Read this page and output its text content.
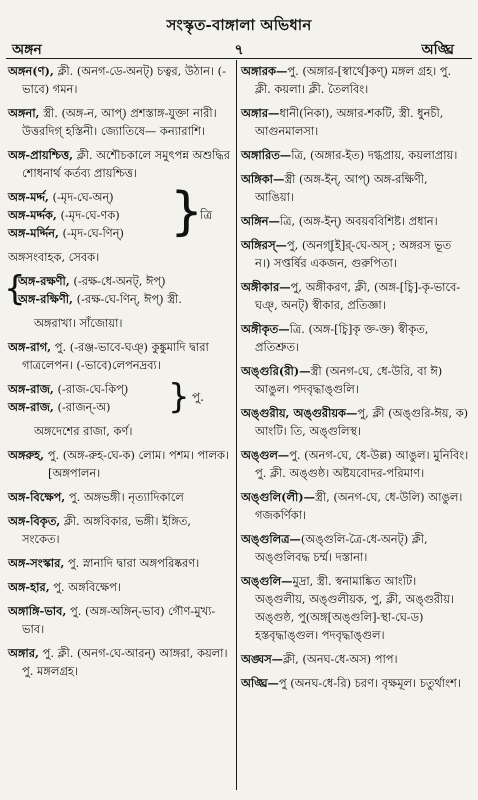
সংস্কৃত-বাঙ্গালা অভিধান
অঙ্গন	৭	অঙ্ঘ্রি
অঙ্গন(ণ), ক্লী. (অনগ-ডে-অনট্) চত্বর, উঠান। (-ভাবে) গমন।
অঙ্গনা, স্ত্রী. (অঙ্গ-ন, আপ্) প্রশস্তাঙ্গ-যুক্তা নারী। উত্তরদিগ্ হস্তিনী। জ্যোতিষে— কন্যারাশি।
অঙ্গ-প্রায়শ্চিত্ত, ক্লী. অশৌচকালে সমুৎপন্ন অশুদ্ধির শোধনার্থ কর্তব্য প্রায়শ্চিত্ত।
অঙ্গ-মর্দ্দ, (-মৃদ-ঘে-অন্)
অঙ্গ-মর্দ্দক, (-মৃদ-ঘে-ণক)
অঙ্গ-মর্দ্দিন, (-মৃদ-ঘে-ণিন্) }
ত্রি
অঙ্গসংবাহক, সেবক।
{
অঙ্গ-রক্ষণী, (-রক্ষ-ধে-অনট্, ঈপ্)
অঙ্গ-রক্ষিণী, (-রক্ষ-ঘে-ণিন্, ঈপ্) স্ত্রী.
অঙ্গরাখা। সাঁজোয়া।
অঙ্গ-রাগ, পু. (-রঞ্জ-ভাবে-ঘঞ্) কুঙ্কুমাদি দ্বারা গাত্রলেপন। (-ভাবে)লেপনদ্রব্য।
অঙ্গ-রাজ, (-রাজ-ঘে-কিপ্)
অঙ্গ-রাজ, (-রাজন্-অ)	} পু.
অঙ্গদেশের রাজা, কর্ণ।
অঙ্গরুহ, পু. (অঙ্গ-রুহ-ঘে-ক) লোম। পশম। পালক।
[অঙ্গপালন।
অঙ্গ-বিক্ষেপ, পু. অঙ্গভঙ্গী। নৃত্যাদিকালে
অঙ্গ-বিকৃত, ক্লী. অঙ্গবিকার, ভঙ্গী। ইঙ্গিত, সংকেত।
অঙ্গ-সংস্কার, পু. স্নানাদি দ্বারা অঙ্গপরিষ্করণ।
অঙ্গ-হার, পু. অঙ্গবিক্ষেপ।
অঙ্গাঙ্গি-ভাব, পু. (অঙ্গ-অঙ্গিন্-ভাব) গৌণ-মুখ্য-ভাব।
অঙ্গার, পু. ক্লী. (অনগ-ঘে-আরন্) আঙ্গরা, কয়লা। পু. মঙ্গলগ্রহ।
অঙ্গারক—পু. (অঙ্গার-[স্বার্থে]কণ্) মঙ্গল গ্রহ। পু. ক্লী. কয়লা। ক্লী. তৈলবিং।
অঙ্গার—ধানী(নিকা), অঙ্গার-শকটি, স্ত্রী. ধুনচী, আগুনমালসা।
অঙ্গারিত—ত্রি, (অঙ্গার-ইত) দগ্ধপ্রায়, কয়লাপ্রায়।
অঙ্গিকা—স্ত্রী (অঙ্গ-ইন্, আপ্) অঙ্গ-রক্ষিণী, আঙিয়া।
অঙ্গিন—ত্রি, (অঙ্গ-ইন্) অবয়ববিশিষ্ট। প্রধান।
অঙ্গিরস্—পু, (অনগ্[ই]র্-ঘে-অস্ ; অঙ্গরস ভূত ন।) সপ্তর্ষির একজন, গুরুপিতা।
অঙ্গীকার—পু, অঙ্গীকরণ, ক্লী, (অঙ্গ-[চ্বি]-কৃ-ভাবে-ঘঞ্, অনট্) স্বীকার, প্রতিজ্ঞা।
অঙ্গীকৃত—ত্রি. (অঙ্গ-[চ্বি]কৃ ক্ত-ক্ত) স্বীকৃত, প্রতিশ্রুত।
অঙ্গুরি(রী)—স্ত্রী (অনগ-ঘে, ধে-উরি, বা ঈ) আঙুল। পদবৃদ্ধাঙ্গুলি।
অঙ্গুরীয়, অঙ্গুরীয়ক—পু, ক্লী (অঙ্গুরি-ঈয়, ক) আংটি। তি, অঙ্গুলিস্থ।
অঙ্গুল—পু. (অনগ-ঘে, ধে-উল্ল) আঙুল। মুনিবিং। পু. ক্লী. অঙ্গুষ্ঠ। অষ্টযবোদর-পরিমাণ।
অঙ্গুলি(লী)—স্ত্রী, (অনগ-ঘে, ধে-উলি) আঙুল। গজকর্ণিকা।
অঙ্গুলিত্র—(অঙ্গুলি-ত্রৈ-ধে-অনট্) ক্লী, অঙ্গুলিবদ্ধ চর্ম্ম। দস্তানা।
অঙ্গুলি—মুদ্রা, স্ত্রী. স্বনামাঙ্কিত আংটি। অঙ্গুলীয়, অঙ্গুলীয়ক, পু, ক্লী, অঙ্গুরীয়। অঙ্গুষ্ঠ, পু(অঙ্গ[অঙ্গুলি]-স্থা-ঘে-ড) হস্তবৃদ্ধাঙ্গুল। পদবৃদ্ধাঙ্গুল।
অঙ্ঘস—ক্লী, (অনঘ-ধে-অস) পাপ।
অঙ্ঘ্রি—পু (অনঘ-ধে-রি) চরণ। বৃক্ষমূল। চতুর্থাংশ।
